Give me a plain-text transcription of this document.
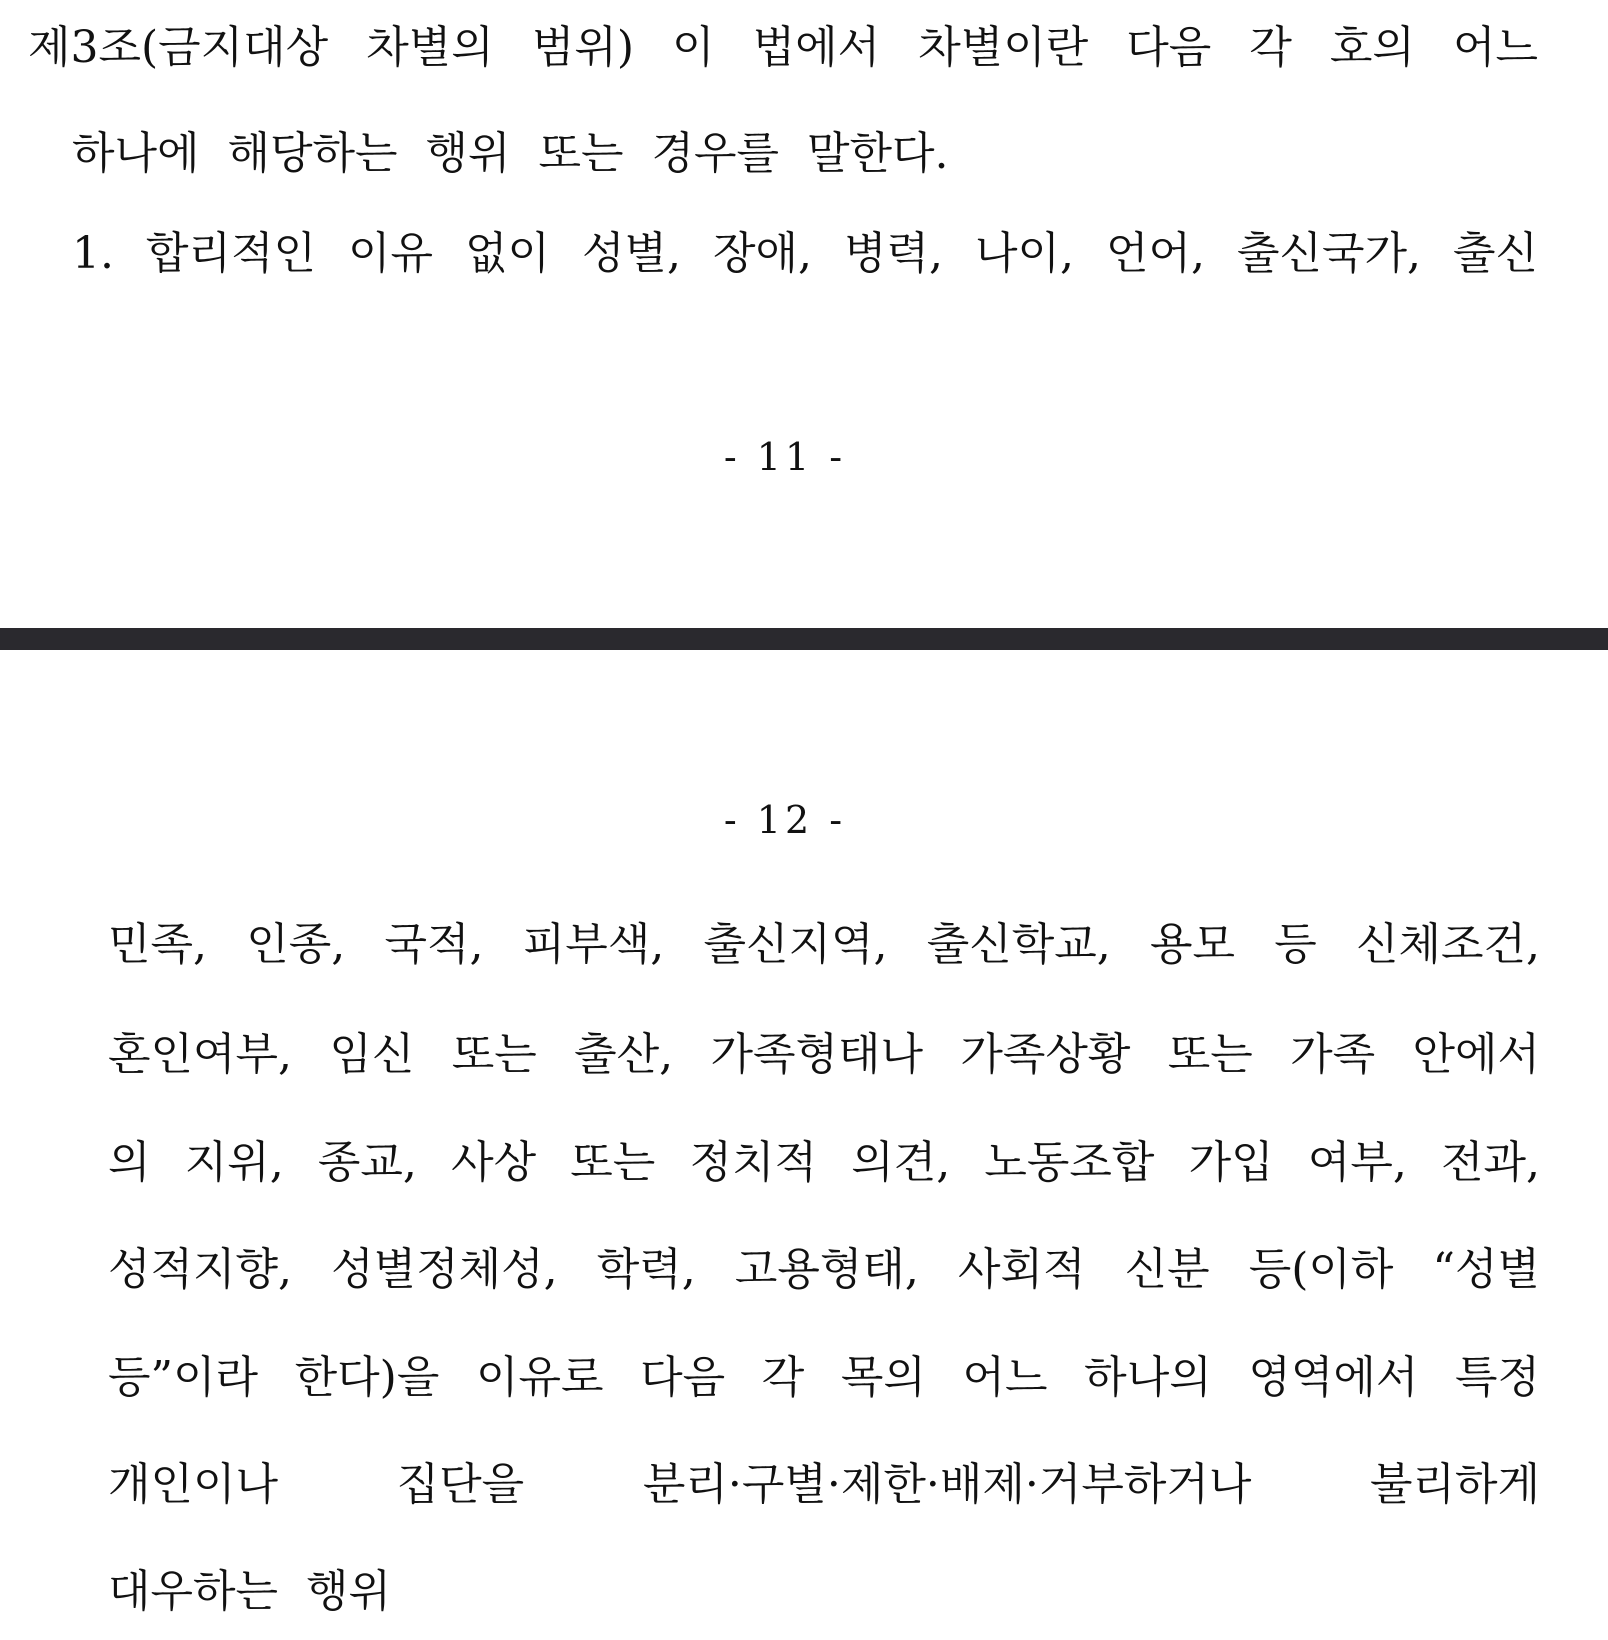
제3조(금지대상 차별의 범위) 이 법에서 차별이란 다음 각 호의 어느
하나에 해당하는 행위 또는 경우를 말한다.
1. 합리적인 이유 없이 성별, 장애, 병력, 나이, 언어, 출신국가, 출신
- 11 -
- 12 -
민족, 인종, 국적, 피부색, 출신지역, 출신학교, 용모 등 신체조건,
혼인여부, 임신 또는 출산, 가족형태나 가족상황 또는 가족 안에서
의 지위, 종교, 사상 또는 정치적 의견, 노동조합 가입 여부, 전과,
성적지향, 성별정체성, 학력, 고용형태, 사회적 신분 등(이하 “성별
등”이라 한다)을 이유로 다음 각 목의 어느 하나의 영역에서 특정
개인이나 집단을 분리·구별·제한·배제·거부하거나 불리하게
대우하는 행위
